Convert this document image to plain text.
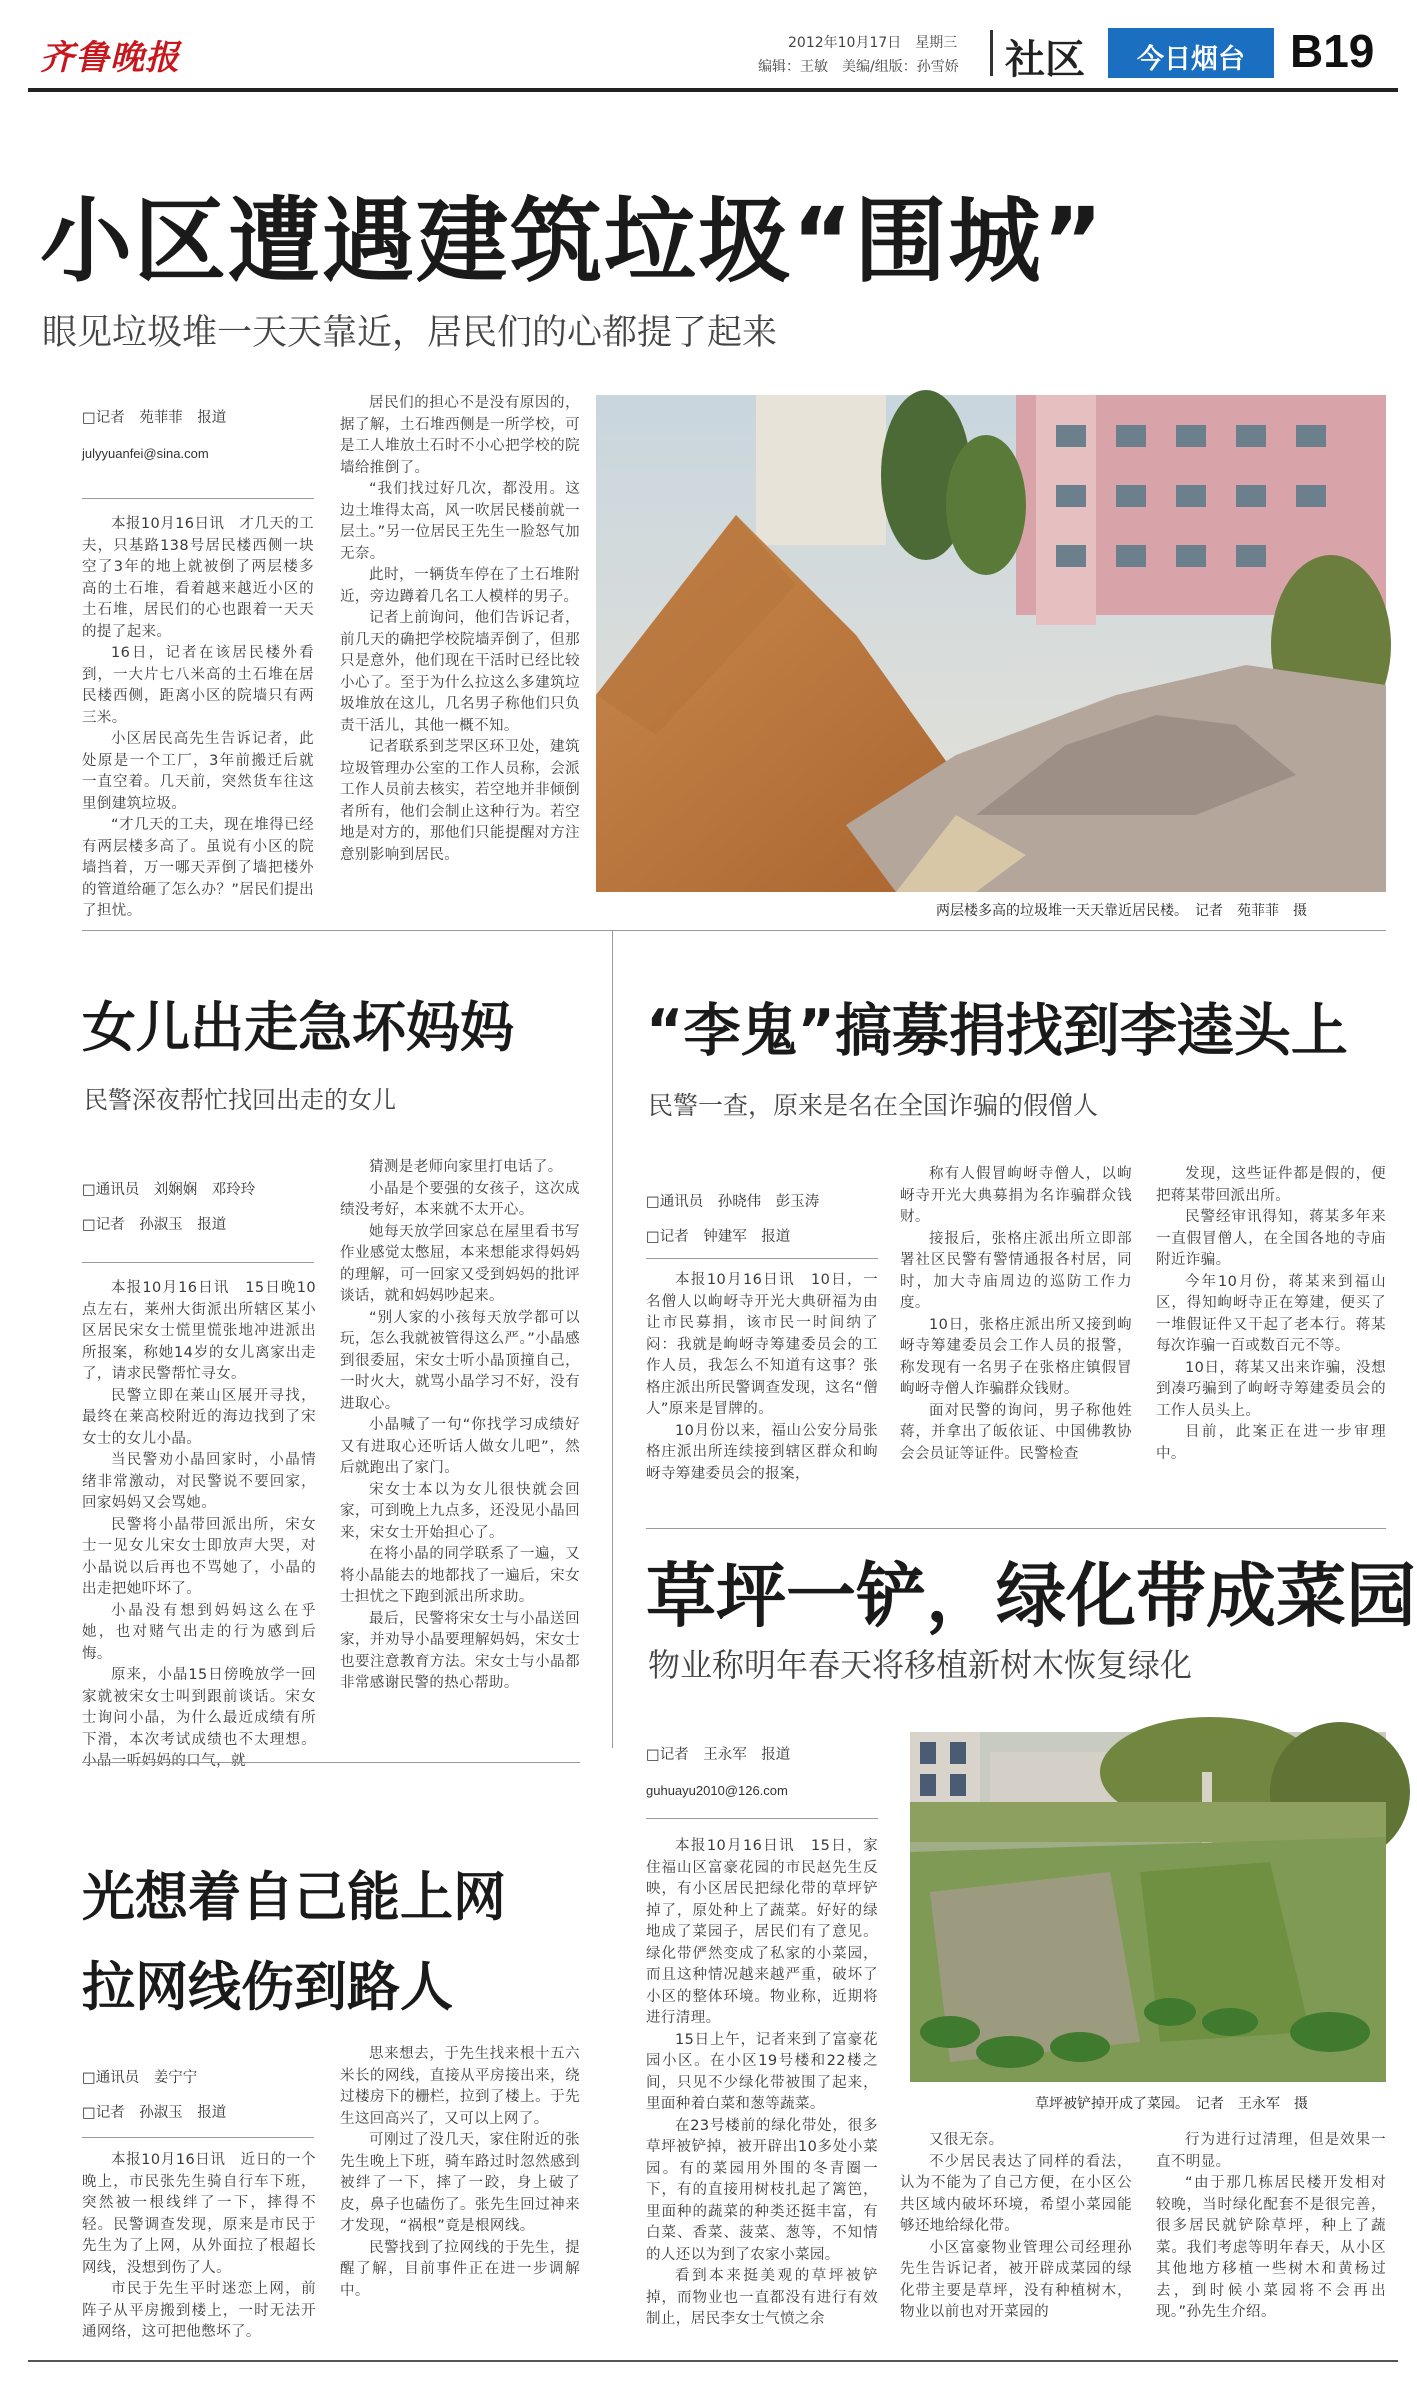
齐鲁晚报	2012年10月17日　星期三
编辑：王敏　美编/组版：孙雪娇 社区	今日烟台 B19
小区遭遇建筑垃圾“围城”
眼见垃圾堆一天天靠近，居民们的心都提了起来
□记者　苑菲菲　报道
julyyuanfei@sina.com

本报10月16日讯　才几天的工夫，只基路138号居民楼西侧一块空了3年的地上就被倒了两层楼多高的土石堆，看着越来越近小区的土石堆，居民们的心也跟着一天天的提了起来。

16日，记者在该居民楼外看到，一大片七八米高的土石堆在居民楼西侧，距离小区的院墙只有两三米。

小区居民高先生告诉记者，此处原是一个工厂，3年前搬迁后就一直空着。几天前，突然货车往这里倒建筑垃圾。

“才几天的工夫，现在堆得已经有两层楼多高了。虽说有小区的院墙挡着，万一哪天弄倒了墙把楼外的管道给砸了怎么办？”居民们提出了担忧。

居民们的担心不是没有原因的，据了解，土石堆西侧是一所学校，可是工人堆放土石时不小心把学校的院墙给推倒了。

“我们找过好几次，都没用。这边土堆得太高，风一吹居民楼前就一层土。”另一位居民王先生一脸怒气加无奈。

此时，一辆货车停在了土石堆附近，旁边蹲着几名工人模样的男子。

记者上前询问，他们告诉记者，前几天的确把学校院墙弄倒了，但那只是意外，他们现在干活时已经比较小心了。至于为什么拉这么多建筑垃圾堆放在这儿，几名男子称他们只负责干活儿，其他一概不知。

记者联系到芝罘区环卫处，建筑垃圾管理办公室的工作人员称，会派工作人员前去核实，若空地并非倾倒者所有，他们会制止这种行为。若空地是对方的，那他们只能提醒对方注意别影响到居民。

两层楼多高的垃圾堆一天天靠近居民楼。　记者　苑菲菲　摄
女儿出走急坏妈妈
民警深夜帮忙找回出走的女儿
□通讯员　刘娴娴　邓玲玲
□记者　孙淑玉　报道

本报10月16日讯　15日晚10点左右，莱州大街派出所辖区某小区居民宋女士慌里慌张地冲进派出所报案，称她14岁的女儿离家出走了，请求民警帮忙寻女。

民警立即在莱山区展开寻找，最终在莱高校附近的海边找到了宋女士的女儿小晶。

当民警劝小晶回家时，小晶情绪非常激动，对民警说不要回家，回家妈妈又会骂她。

民警将小晶带回派出所，宋女士一见女儿宋女士即放声大哭，对小晶说以后再也不骂她了，小晶的出走把她吓坏了。

小晶没有想到妈妈这么在乎她，也对赌气出走的行为感到后悔。

原来，小晶15日傍晚放学一回家就被宋女士叫到跟前谈话。宋女士询问小晶，为什么最近成绩有所下滑，本次考试成绩也不太理想。小晶一听妈妈的口气，就

猜测是老师向家里打电话了。

小晶是个要强的女孩子，这次成绩没考好，本来就不太开心。

她每天放学回家总在屋里看书写作业感觉太憋屈，本来想能求得妈妈的理解，可一回家又受到妈妈的批评谈话，就和妈妈吵起来。

“别人家的小孩每天放学都可以玩，怎么我就被管得这么严。”小晶感到很委屈，宋女士听小晶顶撞自己，一时火大，就骂小晶学习不好，没有进取心。

小晶喊了一句“你找学习成绩好又有进取心还听话人做女儿吧”，然后就跑出了家门。

宋女士本以为女儿很快就会回家，可到晚上九点多，还没见小晶回来，宋女士开始担心了。

在将小晶的同学联系了一遍，又将小晶能去的地都找了一遍后，宋女士担忧之下跑到派出所求助。

最后，民警将宋女士与小晶送回家，并劝导小晶要理解妈妈，宋女士也要注意教育方法。宋女士与小晶都非常感谢民警的热心帮助。

“李鬼”搞募捐找到李逵头上
民警一查，原来是名在全国诈骗的假僧人
□通讯员　孙晓伟　彭玉涛
□记者　钟建军　报道

本报10月16日讯　10日，一名僧人以岣岈寺开光大典研福为由让市民募捐，该市民一时间纳了闷：我就是岣岈寺筹建委员会的工作人员，我怎么不知道有这事？张格庄派出所民警调查发现，这名“僧人”原来是冒牌的。

10月份以来，福山公安分局张格庄派出所连续接到辖区群众和岣岈寺筹建委员会的报案，

称有人假冒岣岈寺僧人，以岣岈寺开光大典募捐为名诈骗群众钱财。

接报后，张格庄派出所立即部署社区民警有警情通报各村居，同时，加大寺庙周边的巡防工作力度。

10日，张格庄派出所又接到岣岈寺筹建委员会工作人员的报警，称发现有一名男子在张格庄镇假冒岣岈寺僧人诈骗群众钱财。

面对民警的询问，男子称他姓蒋，并拿出了皈依证、中国佛教协会会员证等证件。民警检查

发现，这些证件都是假的，便把蒋某带回派出所。

民警经审讯得知，蒋某多年来一直假冒僧人，在全国各地的寺庙附近诈骗。

今年10月份，蒋某来到福山区，得知岣岈寺正在筹建，便买了一堆假证件又干起了老本行。蒋某每次诈骗一百或数百元不等。

10日，蒋某又出来诈骗，没想到凑巧骗到了岣岈寺筹建委员会的工作人员头上。

目前，此案正在进一步审理中。

草坪一铲，绿化带成菜园
物业称明年春天将移植新树木恢复绿化
□记者　王永军　报道
guhuayu2010@126.com

本报10月16日讯　15日，家住福山区富豪花园的市民赵先生反映，有小区居民把绿化带的草坪铲掉了，原处种上了蔬菜。好好的绿地成了菜园子，居民们有了意见。绿化带俨然变成了私家的小菜园，而且这种情况越来越严重，破坏了小区的整体环境。物业称，近期将进行清理。

15日上午，记者来到了富豪花园小区。在小区19号楼和22楼之间，只见不少绿化带被围了起来，里面种着白菜和葱等蔬菜。

在23号楼前的绿化带处，很多草坪被铲掉，被开辟出10多处小菜园。有的菜园用外围的冬青圈一下，有的直接用树枝扎起了篱笆，里面种的蔬菜的种类还挺丰富，有白菜、香菜、菠菜、葱等，不知情的人还以为到了农家小菜园。

看到本来挺美观的草坪被铲掉，而物业也一直都没有进行有效制止，居民李女士气愤之余

草坪被铲掉开成了菜园。　记者　王永军　摄

又很无奈。

不少居民表达了同样的看法，认为不能为了自己方便，在小区公共区域内破坏环境，希望小菜园能够还地给绿化带。

小区富豪物业管理公司经理孙先生告诉记者，被开辟成菜园的绿化带主要是草坪，没有种植树木，物业以前也对开菜园的

行为进行过清理，但是效果一直不明显。

“由于那几栋居民楼开发相对较晚，当时绿化配套不是很完善，很多居民就铲除草坪，种上了蔬菜。我们考虑等明年春天，从小区其他地方移植一些树木和黄杨过去，到时候小菜园将不会再出现。”孙先生介绍。

光想着自己能上网
拉网线伤到路人
□通讯员　姜宁宁
□记者　孙淑玉　报道

本报10月16日讯　近日的一个晚上，市民张先生骑自行车下班，突然被一根线绊了一下，摔得不轻。民警调查发现，原来是市民于先生为了上网，从外面拉了根超长网线，没想到伤了人。

市民于先生平时迷恋上网，前阵子从平房搬到楼上，一时无法开通网络，这可把他憋坏了。

思来想去，于先生找来根十五六米长的网线，直接从平房接出来，绕过楼房下的栅栏，拉到了楼上。于先生这回高兴了，又可以上网了。

可刚过了没几天，家住附近的张先生晚上下班，骑车路过时忽然感到被绊了一下，摔了一跤，身上破了皮，鼻子也磕伤了。张先生回过神来才发现，“祸根”竟是根网线。

民警找到了拉网线的于先生，提醒了解，目前事件正在进一步调解中。
